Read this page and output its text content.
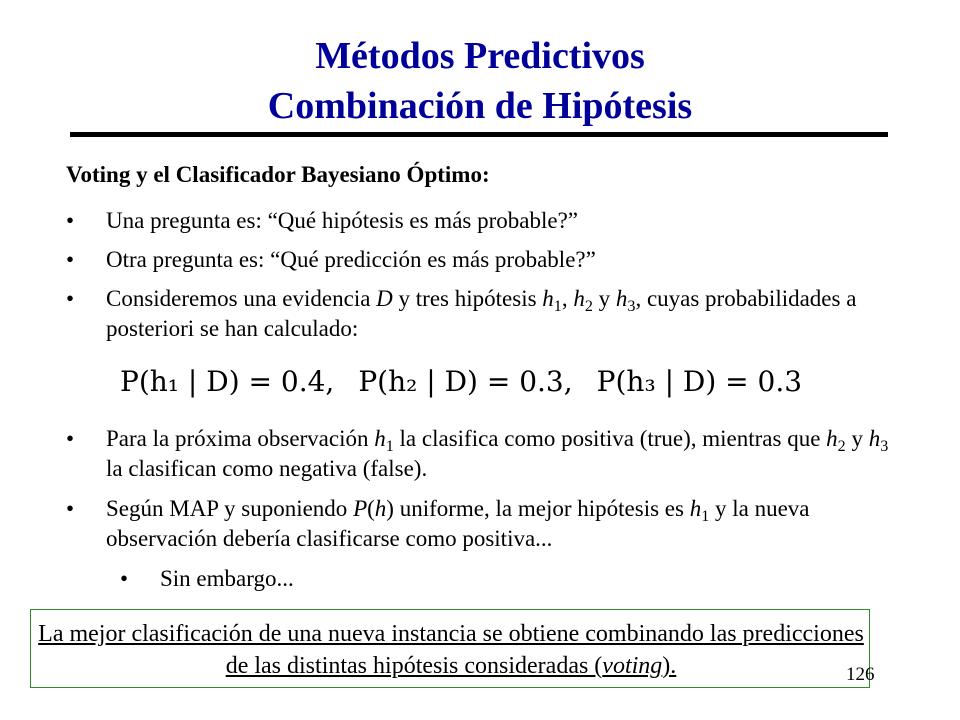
Métodos Predictivos
Combinación de Hipótesis
Voting y el Clasificador Bayesiano Óptimo:
• Una pregunta es: “Qué hipótesis es más probable?”
• Otra pregunta es: “Qué predicción es más probable?”
• Consideremos una evidencia D y tres hipótesis $h_1$, $h_2$ y $h_3$, cuyas probabilidades a posteriori se han calculado:
P(h₁ | D) = 0.4, P(h₂ | D) = 0.3, P(h₃ | D) = 0.3
• Para la próxima observación $h_1$ la clasifica como positiva (true), mientras que $h_2$ y $h_3$ la clasifican como negativa (false).
• Según MAP y suponiendo P(h) uniforme, la mejor hipótesis es $h_1$ y la nueva observación debería clasificarse como positiva...
• Sin embargo...
La mejor clasificación de una nueva instancia se obtiene combinando las predicciones de las distintas hipótesis consideradas (voting).	126
